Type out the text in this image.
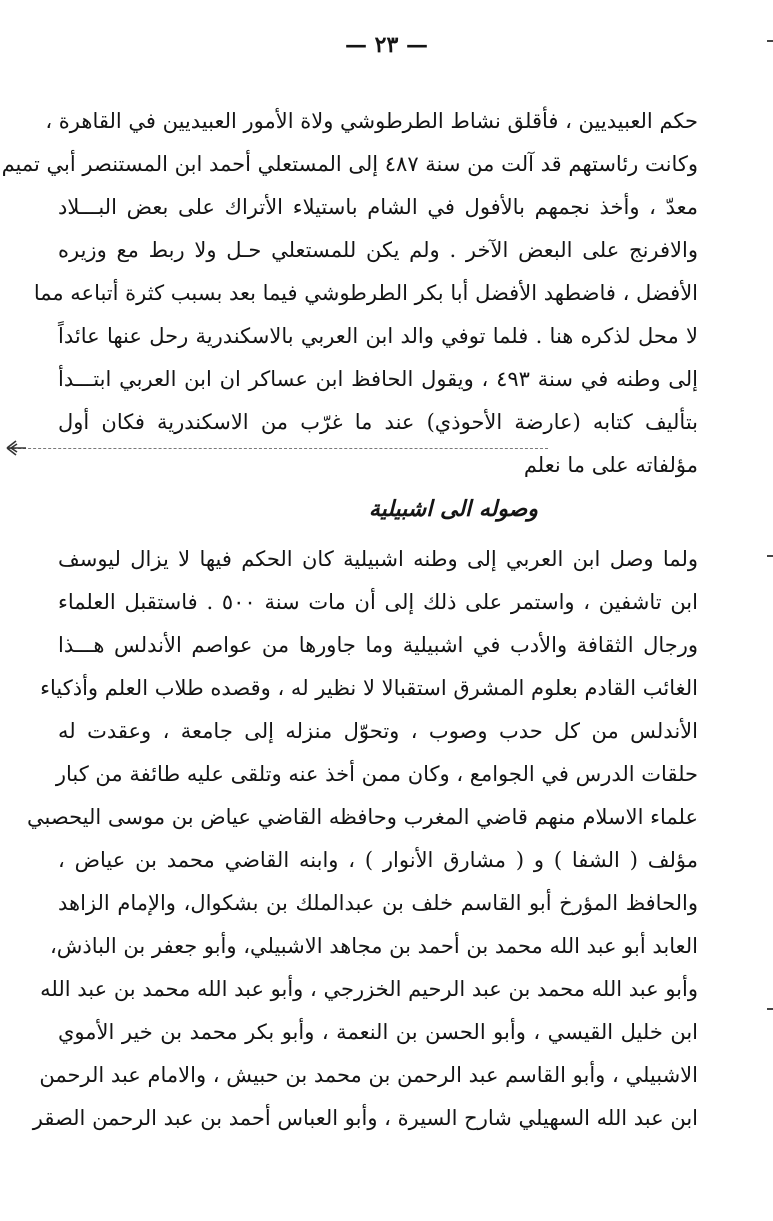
— ٢٣ —
حكم العبيديين ، فأقلق نشاط الطرطوشي ولاة الأمور العبيديين في القاهرة ،
وكانت رئاستهم قد آلت من سنة ٤٨٧ إلى المستعلي أحمد ابن المستنصر أبي تميم
معدّ ، وأخذ نجمهم بالأفول في الشام باستيلاء الأتراك على بعض البـــلاد
والافرنج على البعض الآخر . ولم يكن للمستعلي حـل ولا ربط مع وزيره
الأفضل ، فاضطهد الأفضل أبا بكر الطرطوشي فيما بعد بسبب كثرة أتباعه مما
لا محل لذكره هنا . فلما توفي والد ابن العربي بالاسكندرية رحل عنها عائداً
إلى وطنه في سنة ٤٩٣ ، ويقول الحافظ ابن عساكر ان ابن العربي ابتـــدأ
بتأليف كتابه (عارضة الأحوذي) عند ما غرّب من الاسكندرية فكان أول
مؤلفاته على ما نعلم
وصوله الى اشبيلية
ولما وصل ابن العربي إلى وطنه اشبيلية كان الحكم فيها لا يزال ليوسف
ابن تاشفين ، واستمر على ذلك إلى أن مات سنة ٥٠٠ . فاستقبل العلماء
ورجال الثقافة والأدب في اشبيلية وما جاورها من عواصم الأندلس هـــذا
الغائب القادم بعلوم المشرق استقبالا لا نظير له ، وقصده طلاب العلم وأذكياء
الأندلس من كل حدب وصوب ، وتحوّل منزله إلى جامعة ، وعقدت له
حلقات الدرس في الجوامع ، وكان ممن أخذ عنه وتلقى عليه طائفة من كبار
علماء الاسلام منهم قاضي المغرب وحافظه القاضي عياض بن موسى اليحصبي
مؤلف ( الشفا ) و ( مشارق الأنوار ) ، وابنه القاضي محمد بن عياض ،
والحافظ المؤرخ أبو القاسم خلف بن عبدالملك بن بشكوال، والإمام الزاهد
العابد أبو عبد الله محمد بن أحمد بن مجاهد الاشبيلي، وأبو جعفر بن الباذش،
وأبو عبد الله محمد بن عبد الرحيم الخزرجي ، وأبو عبد الله محمد بن عبد الله
ابن خليل القيسي ، وأبو الحسن بن النعمة ، وأبو بكر محمد بن خير الأموي
الاشبيلي ، وأبو القاسم عبد الرحمن بن محمد بن حبيش ، والامام عبد الرحمن
ابن عبد الله السهيلي شارح السيرة ، وأبو العباس أحمد بن عبد الرحمن الصقر
